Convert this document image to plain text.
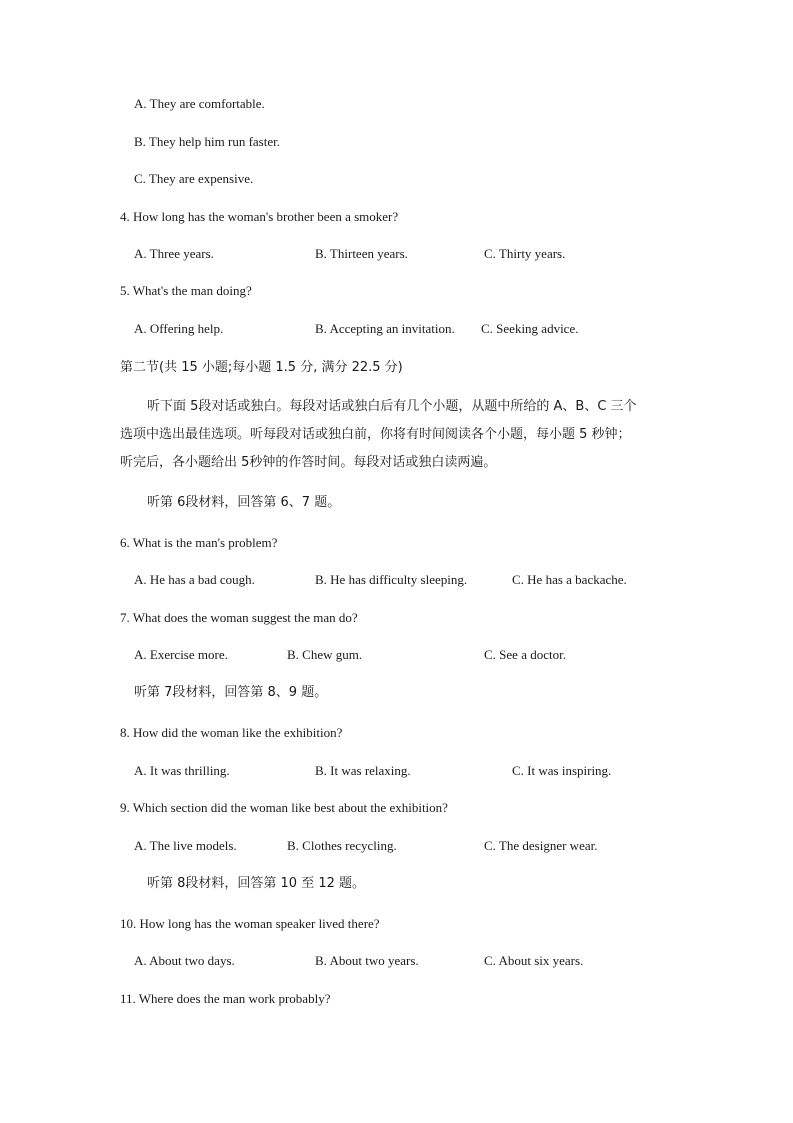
A. They are comfortable.
B. They help him run faster.
C. They are expensive.
4. How long has the woman's brother been a smoker?
A. Three years.	B. Thirteen years.	C. Thirty years.
5. What's the man doing?
A. Offering help.	B. Accepting an invitation. C. Seeking advice.
第二节(共 15 小题;每小题 1.5 分, 满分 22.5 分)
听下面 5段对话或独白。每段对话或独白后有几个小题，从题中所给的 A、B、C 三个
选项中选出最佳选项。听每段对话或独白前，你将有时间阅读各个小题，每小题 5 秒钟；
听完后，各小题给出 5秒钟的作答时间。每段对话或独白读两遍。
听第 6段材料，回答第 6、7 题。
6. What is the man's problem?
A. He has a bad cough.	B. He has difficulty sleeping.	C. He has a backache.
7. What does the woman suggest the man do?
A. Exercise more.	B. Chew gum.	C. See a doctor.
听第 7段材料，回答第 8、9 题。
8. How did the woman like the exhibition?
A. It was thrilling.	B. It was relaxing.	C. It was inspiring.
9. Which section did the woman like best about the exhibition?
A. The live models.	B. Clothes recycling.	C. The designer wear.
听第 8段材料，回答第 10 至 12 题。
10. How long has the woman speaker lived there?
A. About two days.	B. About two years.	C. About six years.
11. Where does the man work probably?
